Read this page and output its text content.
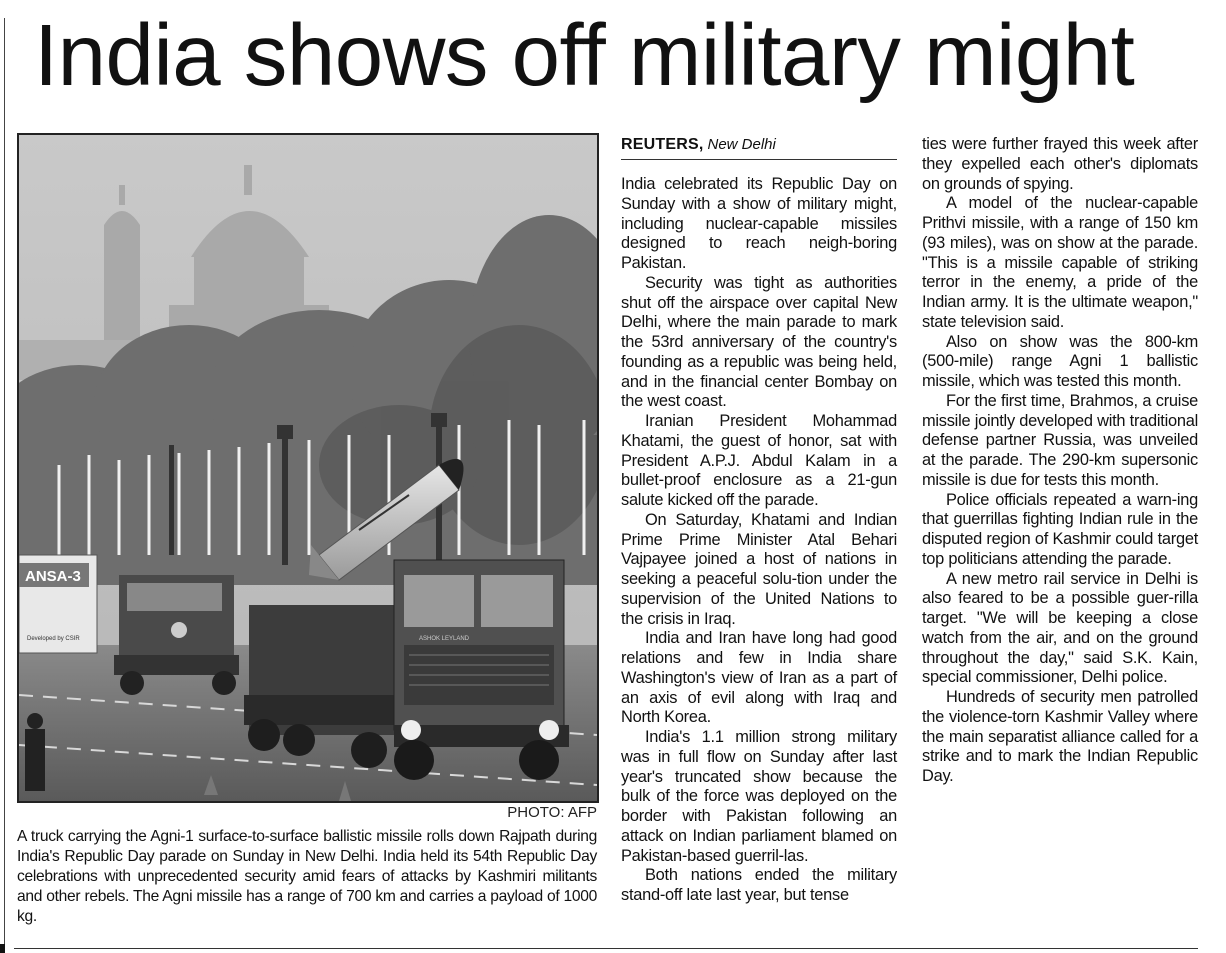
India shows off military might
ANSA-3
Developed by CSIR	ASHOK LEYLAND
PHOTO: AFP
A truck carrying the Agni-1 surface-to-surface ballistic missile rolls down Rajpath during India's Republic Day parade on Sunday in New Delhi. India held its 54th Republic Day celebrations with unprecedented security amid fears of attacks by Kashmiri militants and other rebels. The Agni missile has a range of 700 km and carries a payload of 1000 kg.
REUTERS, New Delhi

India celebrated its Republic Day on Sunday with a show of military might, including nuclear-capable missiles designed to reach neigh-boring Pakistan.

Security was tight as authorities shut off the airspace over capital New Delhi, where the main parade to mark the 53rd anniversary of the country's founding as a republic was being held, and in the financial center Bombay on the west coast.

Iranian President Mohammad Khatami, the guest of honor, sat with President A.P.J. Abdul Kalam in a bullet-proof enclosure as a 21-gun salute kicked off the parade.

On Saturday, Khatami and Indian Prime Prime Minister Atal Behari Vajpayee joined a host of nations in seeking a peaceful solu-tion under the supervision of the United Nations to the crisis in Iraq.

India and Iran have long had good relations and few in India share Washington's view of Iran as a part of an axis of evil along with Iraq and North Korea.

India's 1.1 million strong military was in full flow on Sunday after last year's truncated show because the bulk of the force was deployed on the border with Pakistan following an attack on Indian parliament blamed on Pakistan-based guerril-las.

Both nations ended the military stand-off late last year, but tense

ties were further frayed this week after they expelled each other's diplomats on grounds of spying.

A model of the nuclear-capable Prithvi missile, with a range of 150 km (93 miles), was on show at the parade. "This is a missile capable of striking terror in the enemy, a pride of the Indian army. It is the ultimate weapon," state television said.

Also on show was the 800-km (500-mile) range Agni 1 ballistic missile, which was tested this month.

For the first time, Brahmos, a cruise missile jointly developed with traditional defense partner Russia, was unveiled at the parade. The 290-km supersonic missile is due for tests this month.

Police officials repeated a warn-ing that guerrillas fighting Indian rule in the disputed region of Kashmir could target top politicians attending the parade.

A new metro rail service in Delhi is also feared to be a possible guer-rilla target. "We will be keeping a close watch from the air, and on the ground throughout the day," said S.K. Kain, special commissioner, Delhi police.

Hundreds of security men patrolled the violence-torn Kashmir Valley where the main separatist alliance called for a strike and to mark the Indian Republic Day.
